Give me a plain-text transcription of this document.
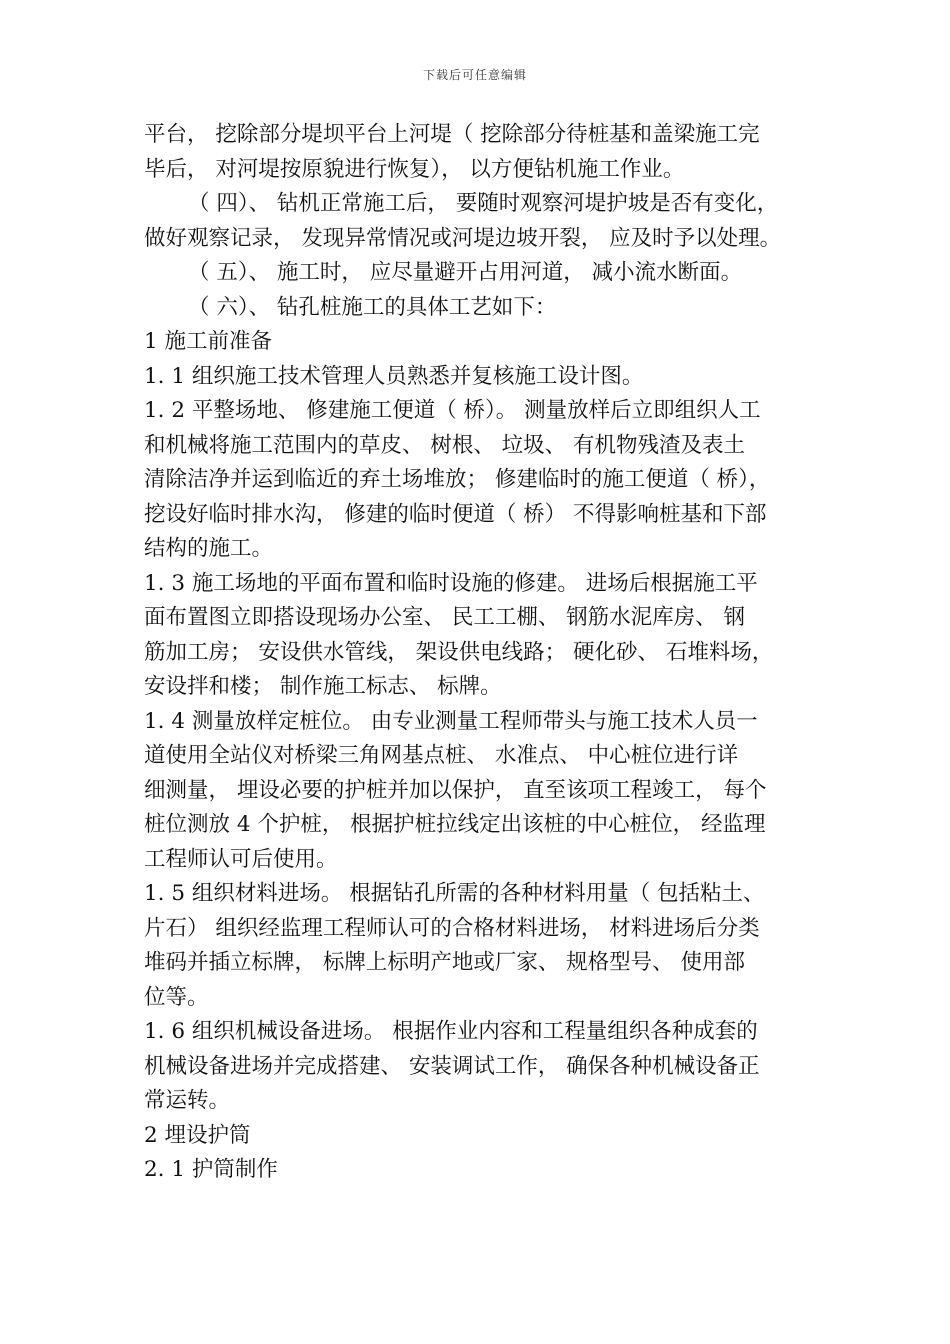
下载后可任意编辑
平台， 挖除部分堤坝平台上河堤（ 挖除部分待桩基和盖梁施工完
毕后， 对河堤按原貌进行恢复）， 以方便钻机施工作业。
（ 四）、 钻机正常施工后， 要随时观察河堤护坡是否有变化，
做好观察记录， 发现异常情况或河堤边坡开裂， 应及时予以处理。
（ 五）、 施工时， 应尽量避开占用河道， 减小流水断面。
（ 六）、 钻孔桩施工的具体工艺如下：
1 施工前准备
1. 1 组织施工技术管理人员熟悉并复核施工设计图。
1. 2 平整场地、 修建施工便道（ 桥）。 测量放样后立即组织人工
和机械将施工范围内的草皮、 树根、 垃圾、 有机物残渣及表土
清除洁净并运到临近的弃土场堆放； 修建临时的施工便道（ 桥），
挖设好临时排水沟， 修建的临时便道（ 桥） 不得影响桩基和下部
结构的施工。
1. 3 施工场地的平面布置和临时设施的修建。 进场后根据施工平
面布置图立即搭设现场办公室、 民工工棚、 钢筋水泥库房、 钢
筋加工房； 安设供水管线， 架设供电线路； 硬化砂、 石堆料场，
安设拌和楼； 制作施工标志、 标牌。
1. 4 测量放样定桩位。 由专业测量工程师带头与施工技术人员一
道使用全站仪对桥梁三角网基点桩、 水准点、 中心桩位进行详
细测量， 埋设必要的护桩并加以保护， 直至该项工程竣工， 每个
桩位测放 4 个护桩， 根据护桩拉线定出该桩的中心桩位， 经监理
工程师认可后使用。
1. 5 组织材料进场。 根据钻孔所需的各种材料用量（ 包括粘土、
片石） 组织经监理工程师认可的合格材料进场， 材料进场后分类
堆码并插立标牌， 标牌上标明产地或厂家、 规格型号、 使用部
位等。
1. 6 组织机械设备进场。 根据作业内容和工程量组织各种成套的
机械设备进场并完成搭建、 安装调试工作， 确保各种机械设备正
常运转。
2 埋设护筒
2. 1 护筒制作
